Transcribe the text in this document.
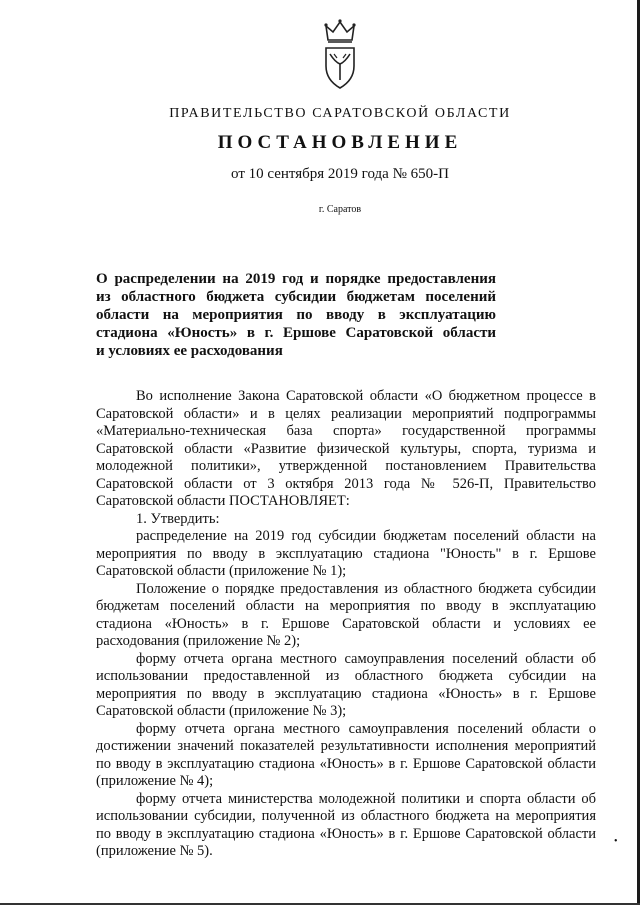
ПРАВИТЕЛЬСТВО САРАТОВСКОЙ ОБЛАСТИ
ПОСТАНОВЛЕНИЕ
от 10 сентября 2019 года № 650-П
г. Саратов
О распределении на 2019 год и порядке предоставления
из областного бюджета субсидии бюджетам поселений
области на мероприятия по вводу в эксплуатацию
стадиона «Юность» в г. Ершове Саратовской области
и условиях ее расходования

Во исполнение Закона Саратовской области «О бюджетном процессе в Саратовской области» и в целях реализации мероприятий подпрограммы «Материально-техническая база спорта» государственной программы Саратовской области «Развитие физической культуры, спорта, туризма и молодежной политики», утвержденной постановлением Правительства Саратовской области от 3 октября 2013 года № 526-П, Правительство Саратовской области ПОСТАНОВЛЯЕТ:

1. Утвердить:

распределение на 2019 год субсидии бюджетам поселений области на мероприятия по вводу в эксплуатацию стадиона "Юность" в г. Ершове Саратовской области (приложение № 1);

Положение о порядке предоставления из областного бюджета субсидии бюджетам поселений области на мероприятия по вводу в эксплуатацию стадиона «Юность» в г. Ершове Саратовской области и условиях ее расходования (приложение № 2);

форму отчета органа местного самоуправления поселений области об использовании предоставленной из областного бюджета субсидии на мероприятия по вводу в эксплуатацию стадиона «Юность» в г. Ершове Саратовской области (приложение № 3);

форму отчета органа местного самоуправления поселений области о достижении значений показателей результативности исполнения мероприятий по вводу в эксплуатацию стадиона «Юность» в г. Ершове Саратовской области (приложение № 4);

форму отчета министерства молодежной политики и спорта области об использовании субсидии, полученной из областного бюджета на мероприятия по вводу в эксплуатацию стадиона «Юность» в г. Ершове Саратовской области (приложение № 5).

•
